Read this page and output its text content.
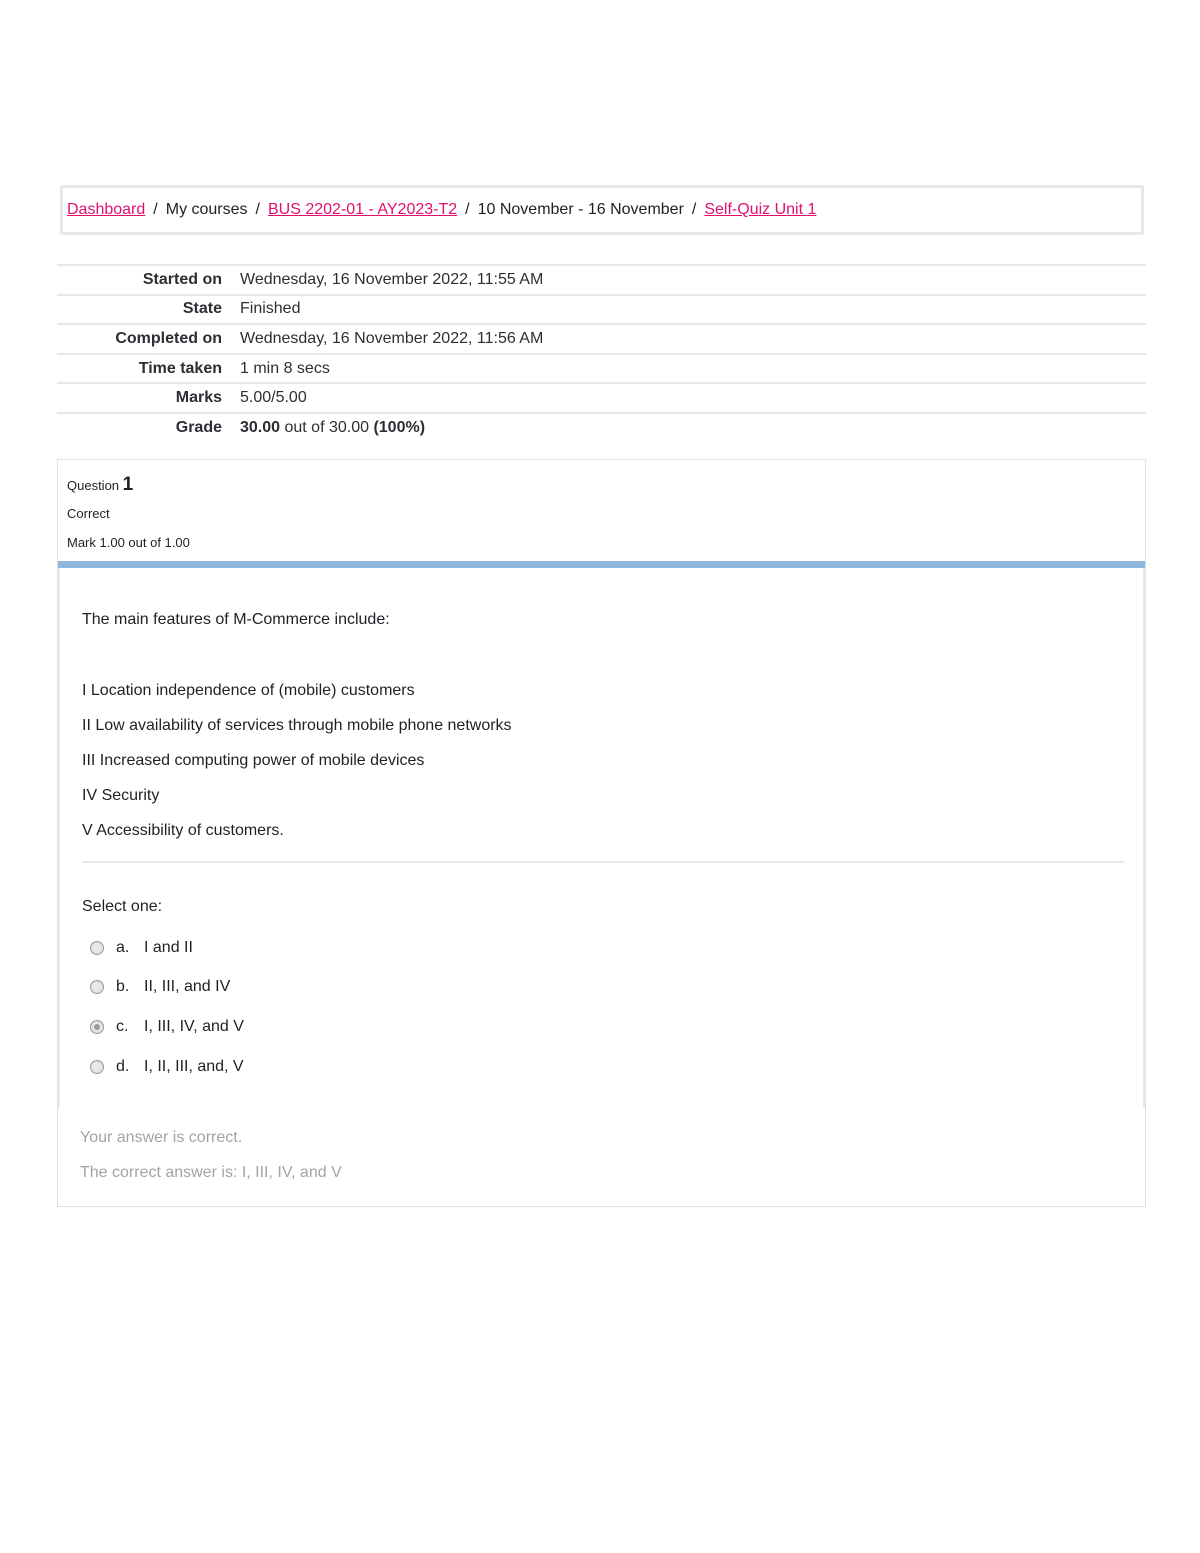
Dashboard / My courses / BUS 2202-01 - AY2023-T2 / 10 November - 16 November / Self-Quiz Unit 1
Started on Wednesday, 16 November 2022, 11:55 AM
State Finished
Completed on Wednesday, 16 November 2022, 11:56 AM
Time taken 1 min 8 secs
Marks 5.00/5.00
Grade 30.00 out of 30.00 (100%)
Question 1
Correct
Mark 1.00 out of 1.00

The main features of M-Commerce include:

I Location independence of (mobile) customers

II Low availability of services through mobile phone networks

III Increased computing power of mobile devices

IV Security

V Accessibility of customers.

Select one:
a. I and II
b. II, III, and IV
c. I, III, IV, and V
d. I, II, III, and, V

Your answer is correct.

The correct answer is: I, III, IV, and V
